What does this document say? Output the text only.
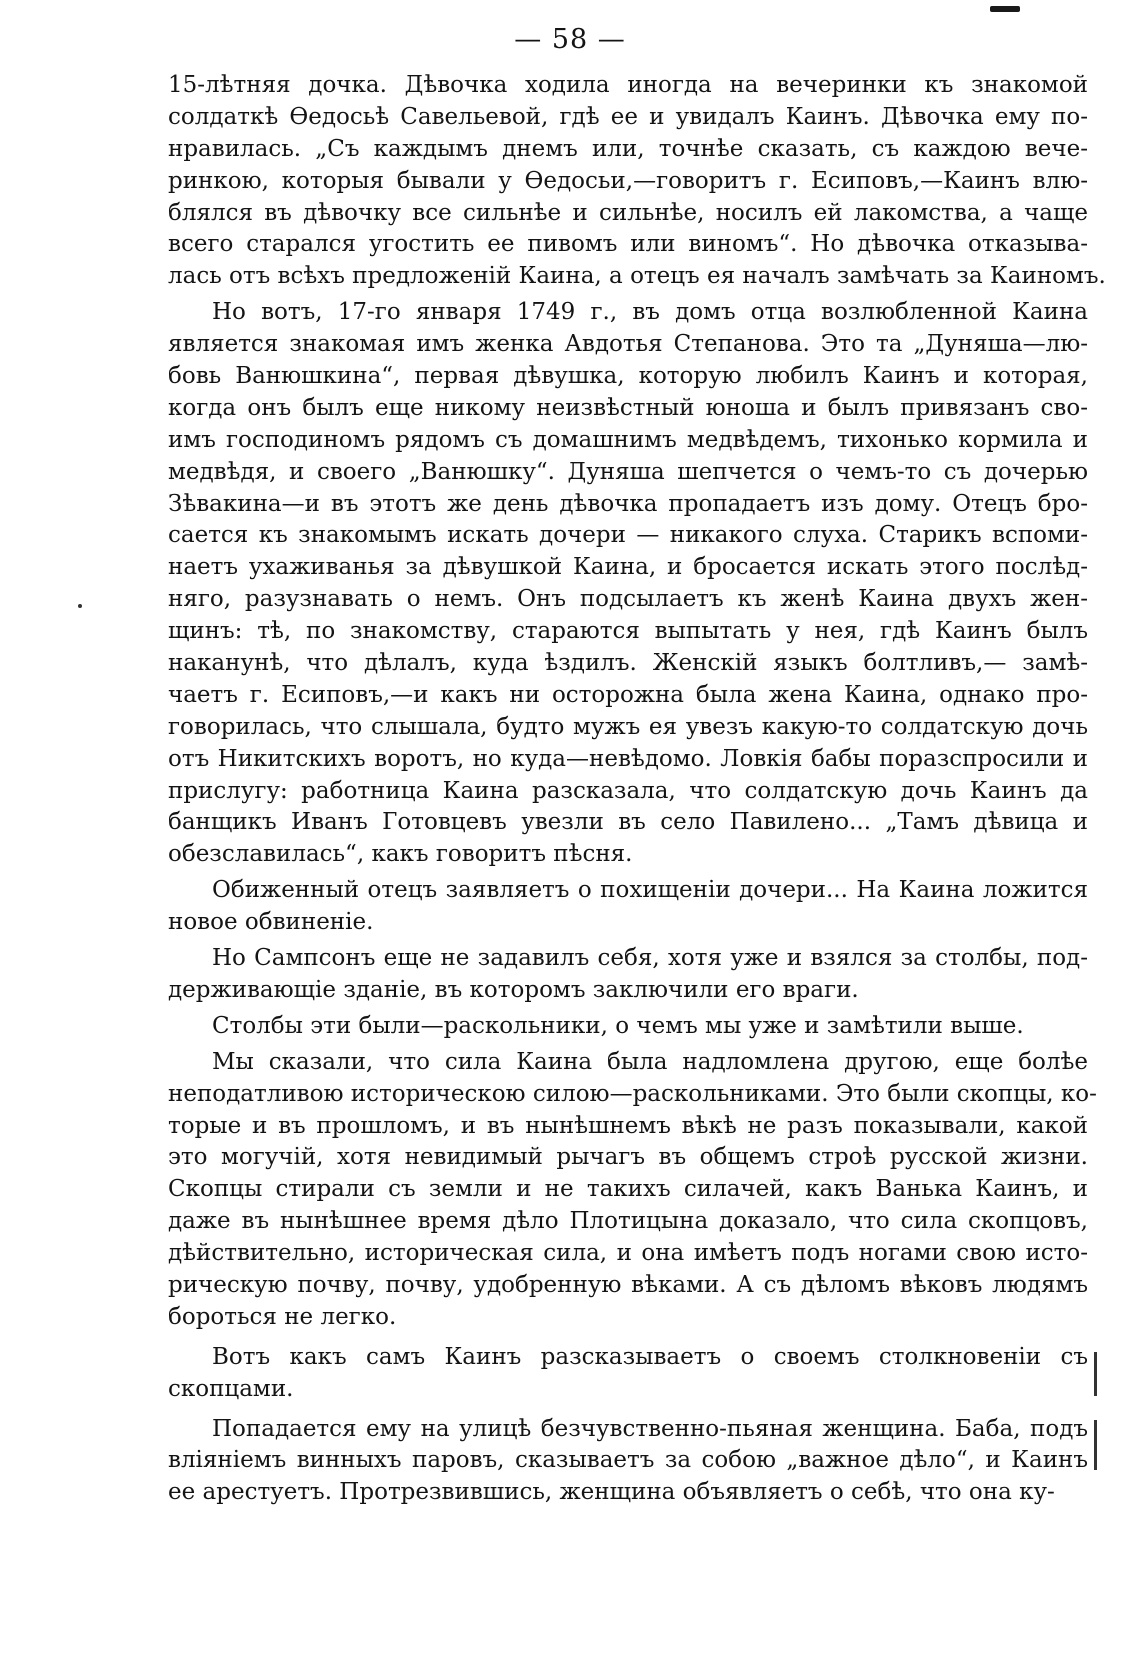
— 58 —
15-лѣтняя дочка. Дѣвочка ходила иногда на вечеринки къ знакомой
солдаткѣ Ѳедосьѣ Савельевой, гдѣ ее и увидалъ Каинъ. Дѣвочка ему по-
нравилась. „Съ каждымъ днемъ или, точнѣе сказать, съ каждою вече-
ринкою, которыя бывали у Ѳедосьи,—говоритъ г. Есиповъ,—Каинъ влю-
блялся въ дѣвочку все сильнѣе и сильнѣе, носилъ ей лакомства, а чаще
всего старался угостить ее пивомъ или виномъ“. Но дѣвочка отказыва-
лась отъ всѣхъ предложеній Каина, а отецъ ея началъ замѣчать за Каиномъ.
Но вотъ, 17-го января 1749 г., въ домъ отца возлюбленной Каина
является знакомая имъ женка Авдотья Степанова. Это та „Дуняша—лю-
бовь Ванюшкина“, первая дѣвушка, которую любилъ Каинъ и которая,
когда онъ былъ еще никому неизвѣстный юноша и былъ привязанъ сво-
имъ господиномъ рядомъ съ домашнимъ медвѣдемъ, тихонько кормила и
медвѣдя, и своего „Ванюшку“. Дуняша шепчется о чемъ-то съ дочерью
Зѣвакина—и въ этотъ же день дѣвочка пропадаетъ изъ дому. Отецъ бро-
сается къ знакомымъ искать дочери — никакого слуха. Старикъ вспоми-
наетъ ухаживанья за дѣвушкой Каина, и бросается искать этого послѣд-
няго, разузнавать о немъ. Онъ подсылаетъ къ женѣ Каина двухъ жен-
щинъ: тѣ, по знакомству, стараются выпытать у нея, гдѣ Каинъ былъ
наканунѣ, что дѣлалъ, куда ѣздилъ. Женскій языкъ болтливъ,— замѣ-
чаетъ г. Есиповъ,—и какъ ни осторожна была жена Каина, однако про-
говорилась, что слышала, будто мужъ ея увезъ какую-то солдатскую дочь
отъ Никитскихъ воротъ, но куда—невѣдомо. Ловкія бабы поразспросили и
прислугу: работница Каина разсказала, что солдатскую дочь Каинъ да
банщикъ Иванъ Готовцевъ увезли въ село Павилено... „Тамъ дѣвица и
обезславилась“, какъ говоритъ пѣсня.
Обиженный отецъ заявляетъ о похищеніи дочери... На Каина ложится
новое обвиненіе.
Но Сампсонъ еще не задавилъ себя, хотя уже и взялся за столбы, под-
держивающіе зданіе, въ которомъ заключили его враги.
Столбы эти были—раскольники, о чемъ мы уже и замѣтили выше.
Мы сказали, что сила Каина была надломлена другою, еще болѣе
неподатливою историческою силою—раскольниками. Это были скопцы, ко-
торые и въ прошломъ, и въ нынѣшнемъ вѣкѣ не разъ показывали, какой
это могучій, хотя невидимый рычагъ въ общемъ строѣ русской жизни.
Скопцы стирали съ земли и не такихъ силачей, какъ Ванька Каинъ, и
даже въ нынѣшнее время дѣло Плотицына доказало, что сила скопцовъ,
дѣйствительно, историческая сила, и она имѣетъ подъ ногами свою исто-
рическую почву, почву, удобренную вѣками. А съ дѣломъ вѣковъ людямъ
бороться не легко.
Вотъ какъ самъ Каинъ разсказываетъ о своемъ столкновеніи съ
скопцами.
Попадается ему на улицѣ безчувственно-пьяная женщина. Баба, подъ
вліяніемъ винныхъ паровъ, сказываетъ за собою „важное дѣло“, и Каинъ
ее арестуетъ. Протрезвившись, женщина объявляетъ о себѣ, что она ку-
